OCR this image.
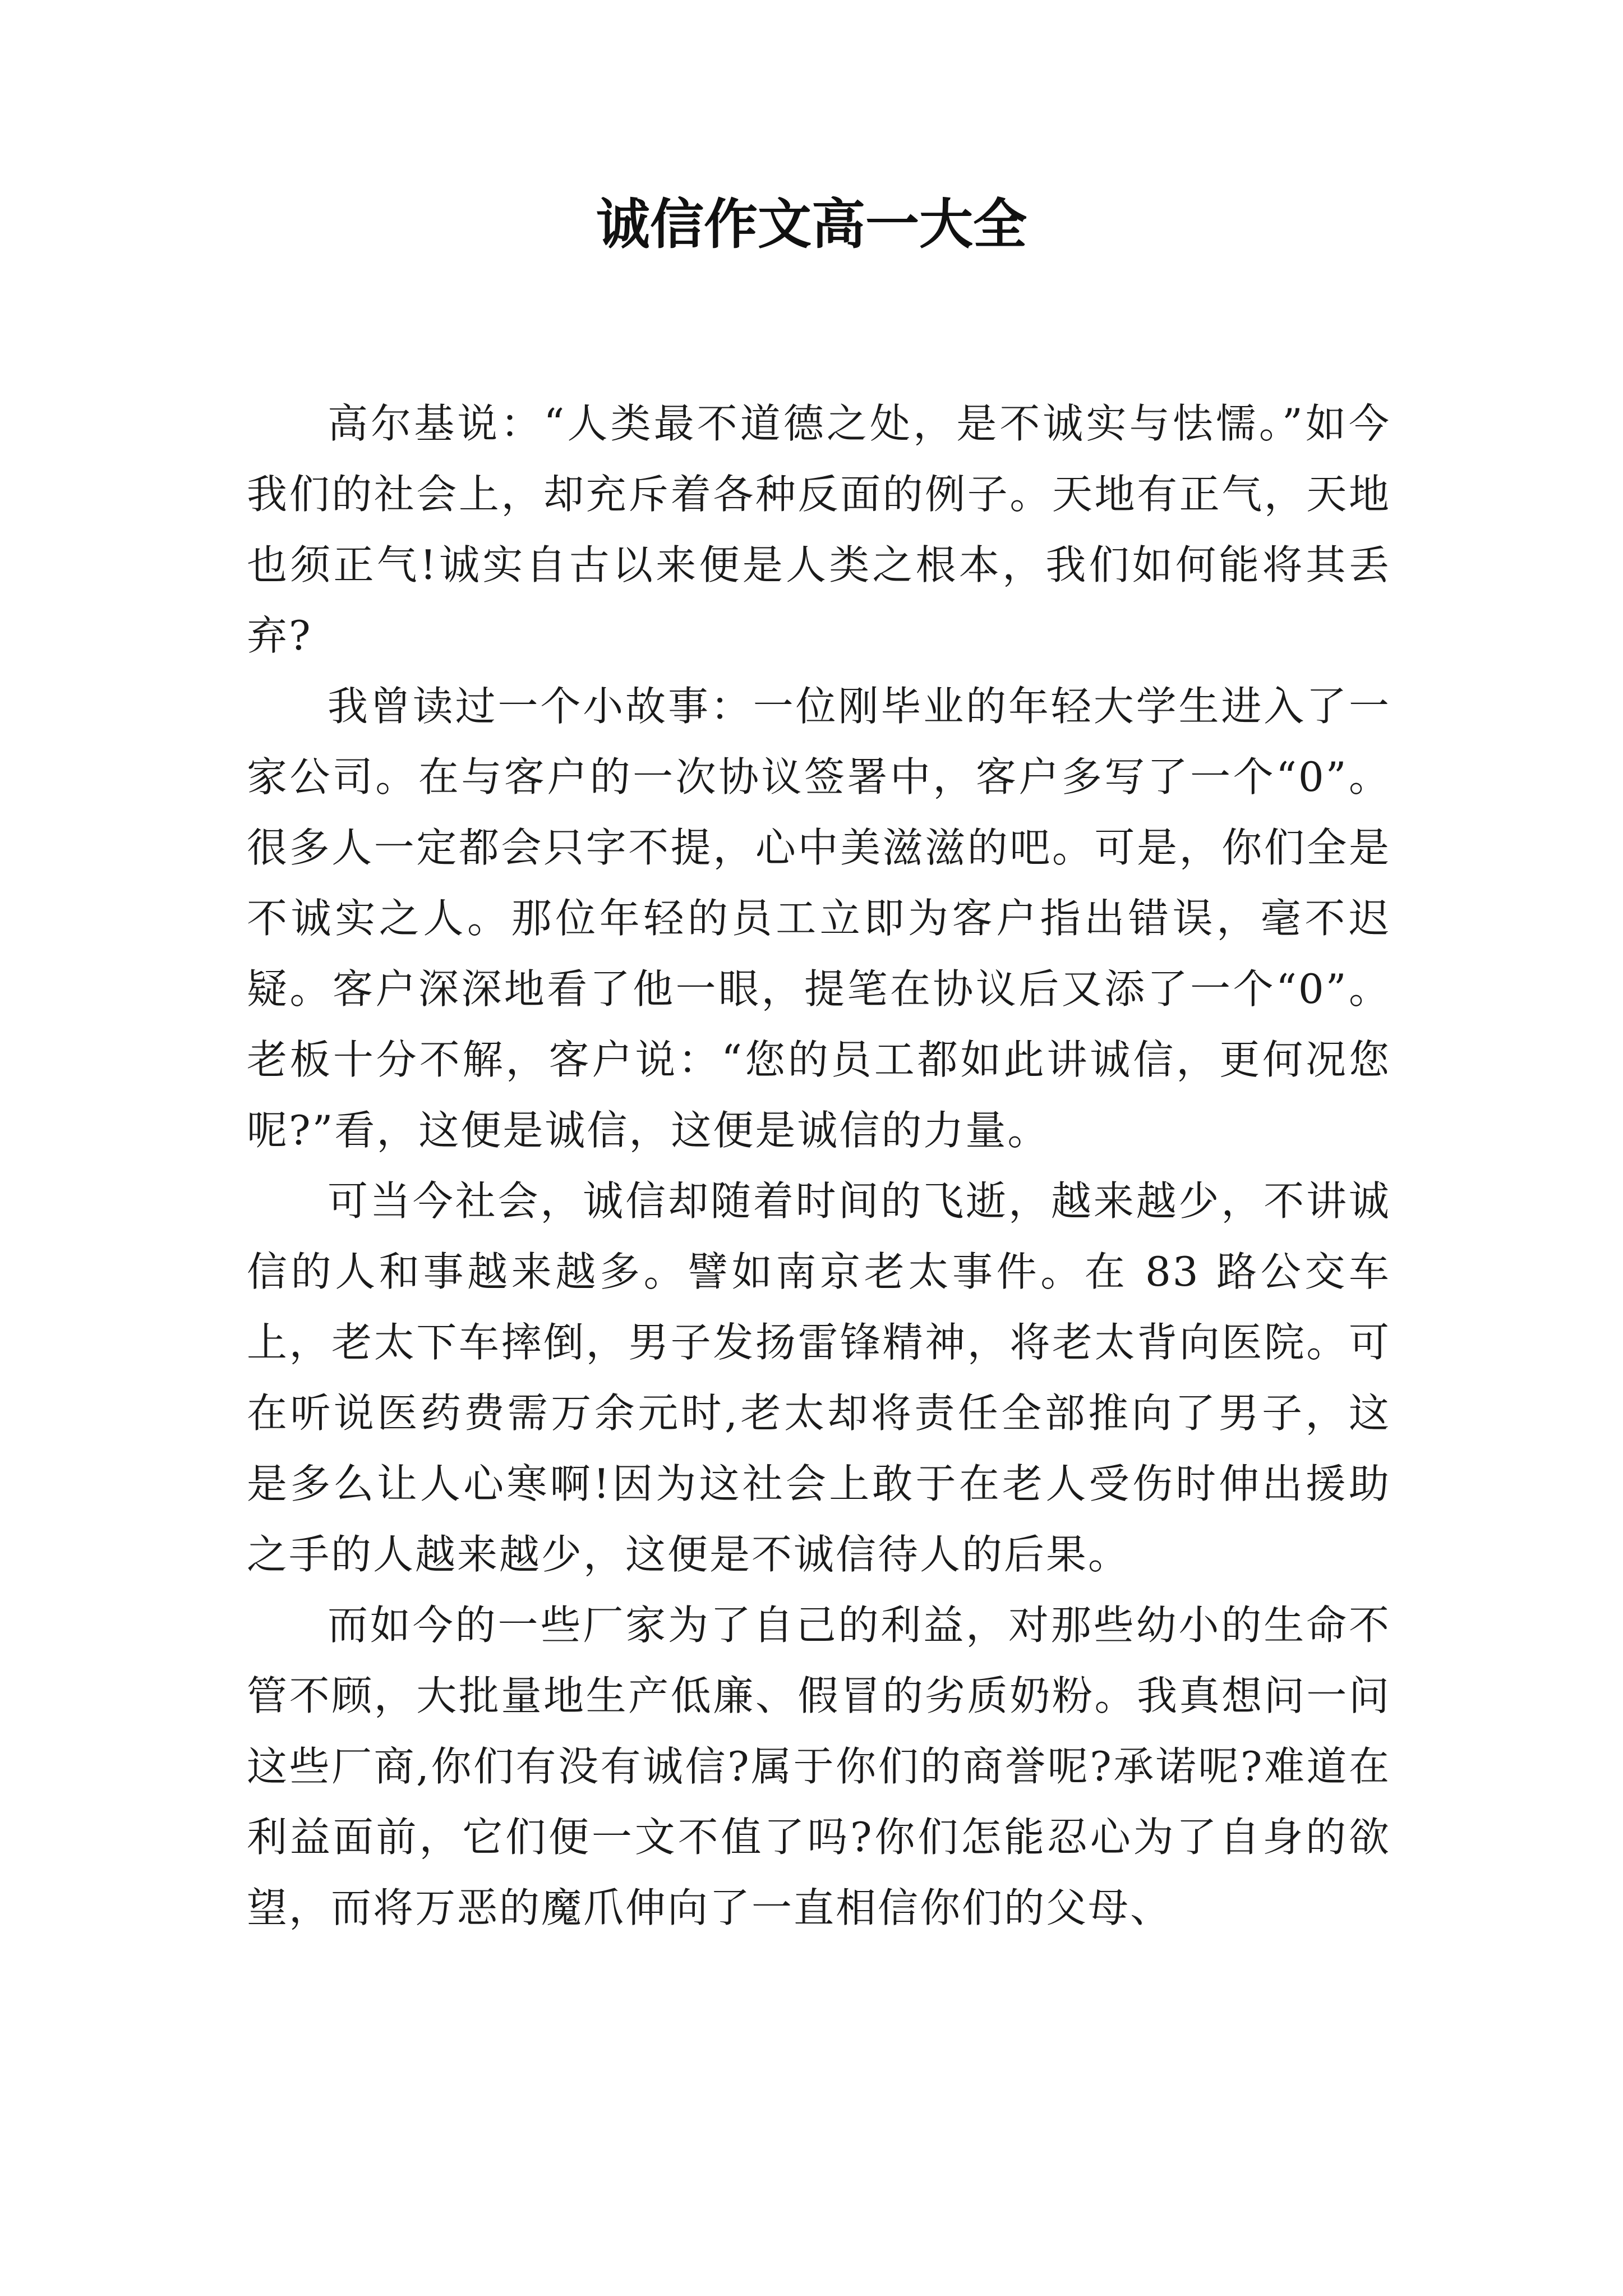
诚信作文高一大全

高尔基说：“人类最不道德之处，是不诚实与怯懦。”如今我们的社会上，却充斥着各种反面的例子。天地有正气，天地也须正气!诚实自古以来便是人类之根本，我们如何能将其丢弃?

我曾读过一个小故事：一位刚毕业的年轻大学生进入了一家公司。在与客户的一次协议签署中，客户多写了一个“0”。很多人一定都会只字不提，心中美滋滋的吧。可是，你们全是不诚实之人。那位年轻的员工立即为客户指出错误，毫不迟疑。客户深深地看了他一眼，提笔在协议后又添了一个“0”。老板十分不解，客户说：“您的员工都如此讲诚信，更何况您呢?”看，这便是诚信，这便是诚信的力量。

可当今社会，诚信却随着时间的飞逝，越来越少，不讲诚信的人和事越来越多。譬如南京老太事件。在 83 路公交车上，老太下车摔倒，男子发扬雷锋精神，将老太背向医院。可在听说医药费需万余元时,老太却将责任全部推向了男子，这是多么让人心寒啊!因为这社会上敢于在老人受伤时伸出援助之手的人越来越少，这便是不诚信待人的后果。

而如今的一些厂家为了自己的利益，对那些幼小的生命不管不顾，大批量地生产低廉、假冒的劣质奶粉。我真想问一问这些厂商,你们有没有诚信?属于你们的商誉呢?承诺呢?难道在利益面前，它们便一文不值了吗?你们怎能忍心为了自身的欲望，而将万恶的魔爪伸向了一直相信你们的父母、
